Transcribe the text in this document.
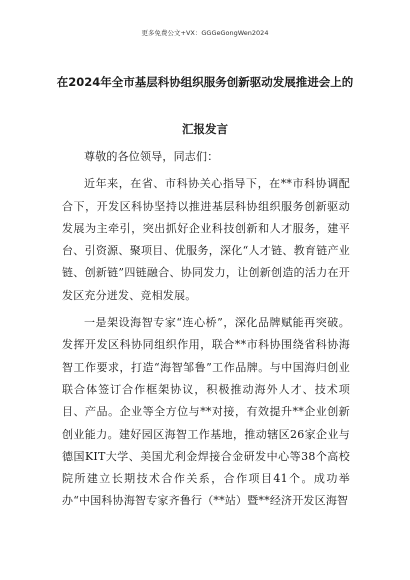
更多免费公文+VX：GGGeGongWen2024
在2024年全市基层科协组织服务创新驱动发展推进会上的
汇报发言

尊敬的各位领导，同志们：

近年来，在省、市科协关心指导下，在**市科协调配合下，开发区科协坚持以推进基层科协组织服务创新驱动发展为主牵引，突出抓好企业科技创新和人才服务，建平台、引资源、聚项目、优服务，深化“人才链、教育链产业链、创新链”四链融合、协同发力，让创新创造的活力在开发区充分迸发、竞相发展。

一是架设海智专家“连心桥”，深化品牌赋能再突破。发挥开发区科协同组织作用，联合**市科协围绕省科协海智工作要求，打造“海智邹鲁”工作品牌。与中国海归创业联合体签订合作框架协议，积极推动海外人才、技术项目、产品。企业等全方位与**对接，有效提升**企业创新创业能力。建好园区海智工作基地，推动辖区26家企业与德国KIT大学、美国尤利金焊接合金研发中心等38个高校院所建立长期技术合作关系，合作项目41个。成功举办“中国科协海智专家齐鲁行（**站）暨**经济开发区海智
